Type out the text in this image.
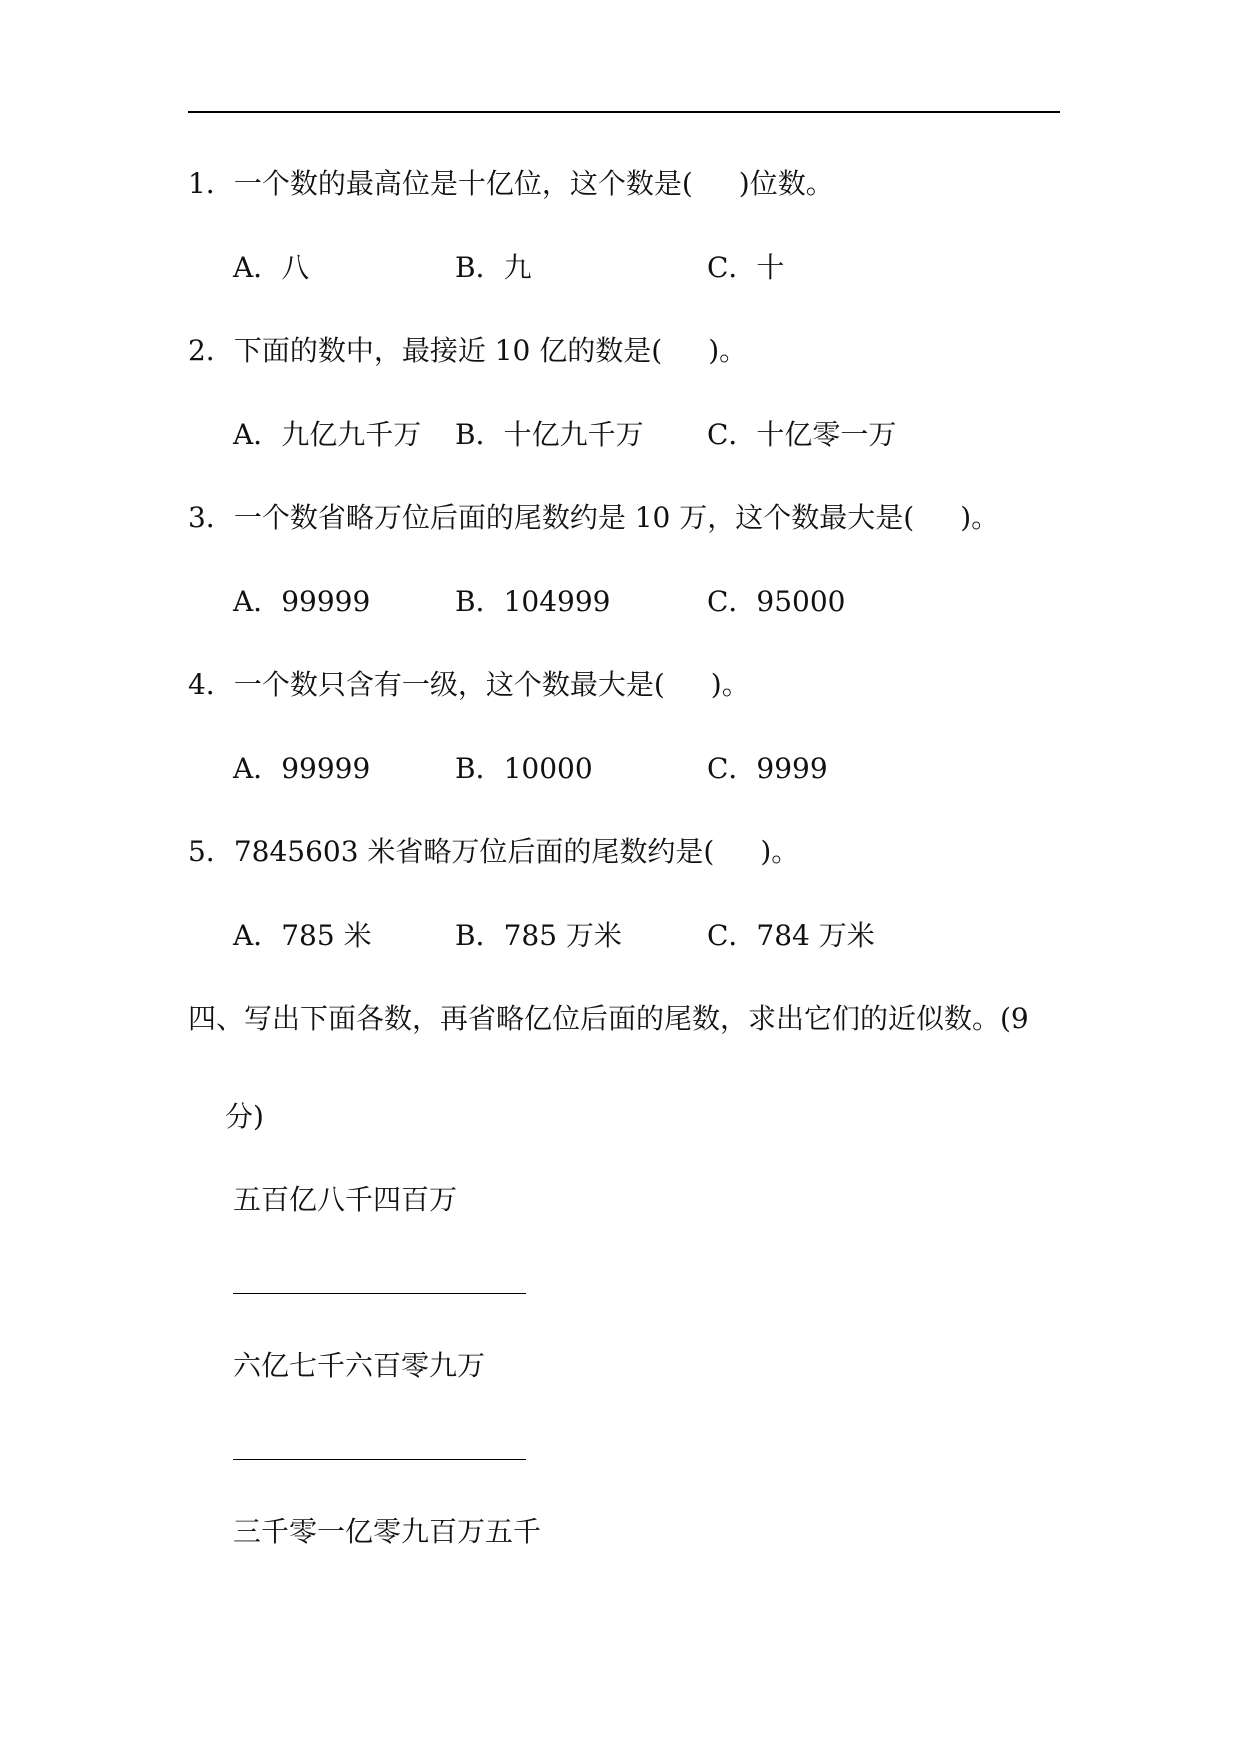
1．一个数的最高位是十亿位，这个数是( )位数。
A．八	B．九	C．十
2．下面的数中，最接近 10 亿的数是( )。
A．九亿九千万 B．十亿九千万 C．十亿零一万
3．一个数省略万位后面的尾数约是 10 万，这个数最大是( )。
A．99999	B．104999	C．95000
4．一个数只含有一级，这个数最大是( )。
A．99999	B．10000	C．9999
5．7845603 米省略万位后面的尾数约是( )。
A．785 米	B．785 万米	C．784 万米
四、写出下面各数，再省略亿位后面的尾数，求出它们的近似数。(9
分)
五百亿八千四百万
六亿七千六百零九万
三千零一亿零九百万五千
